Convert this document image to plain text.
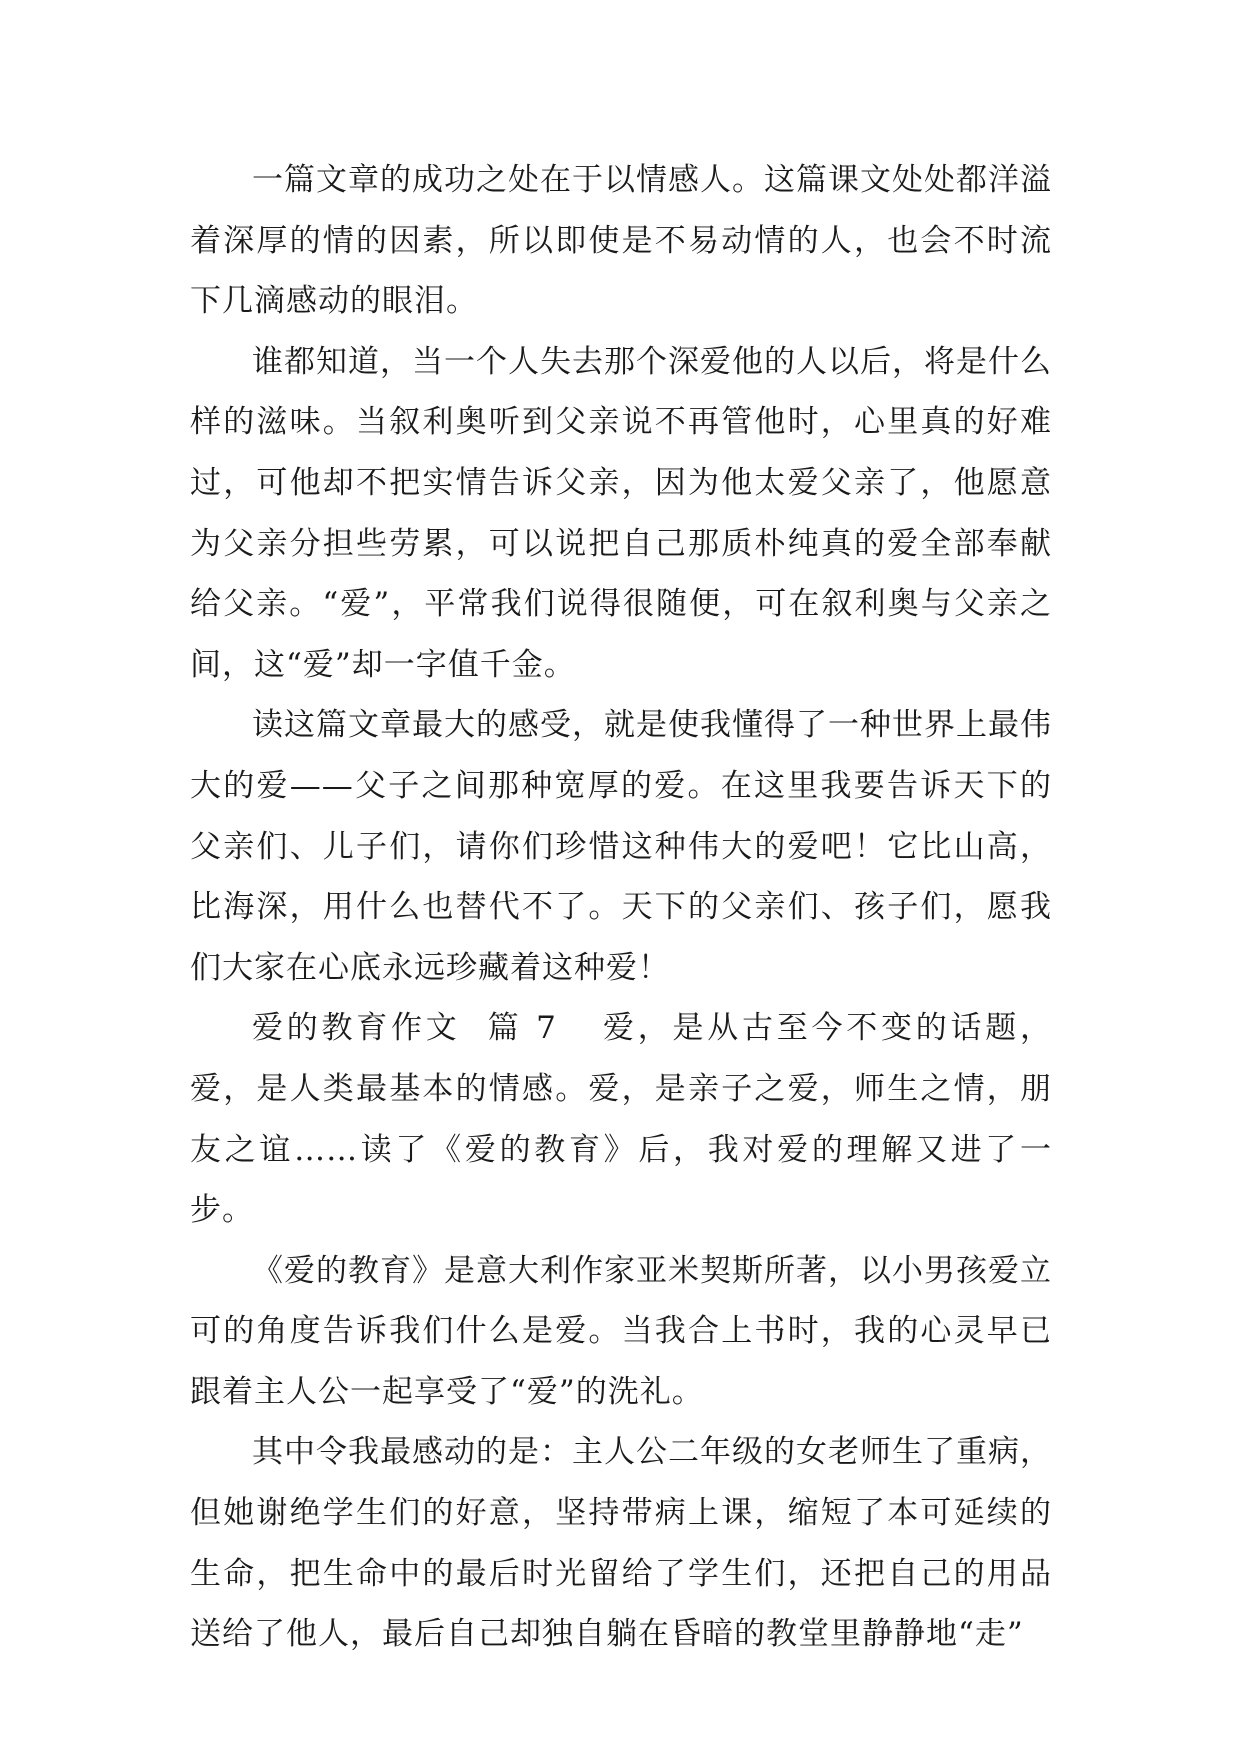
一篇文章的成功之处在于以情感人。这篇课文处处都洋溢着深厚的情的因素，所以即使是不易动情的人，也会不时流下几滴感动的眼泪。

谁都知道，当一个人失去那个深爱他的人以后，将是什么样的滋味。当叙利奥听到父亲说不再管他时，心里真的好难过，可他却不把实情告诉父亲，因为他太爱父亲了，他愿意为父亲分担些劳累，可以说把自己那质朴纯真的爱全部奉献给父亲。“爱”，平常我们说得很随便，可在叙利奥与父亲之间，这“爱”却一字值千金。

读这篇文章最大的感受，就是使我懂得了一种世界上最伟大的爱——父子之间那种宽厚的爱。在这里我要告诉天下的父亲们、儿子们，请你们珍惜这种伟大的爱吧！它比山高，比海深，用什么也替代不了。天下的父亲们、孩子们，愿我们大家在心底永远珍藏着这种爱！

爱的教育作文  篇 7 爱，是从古至今不变的话题，爱，是人类最基本的情感。爱，是亲子之爱，师生之情，朋友之谊……读了《爱的教育》后，我对爱的理解又进了一步。

《爱的教育》是意大利作家亚米契斯所著，以小男孩爱立可的角度告诉我们什么是爱。当我合上书时，我的心灵早已跟着主人公一起享受了“爱”的洗礼。

其中令我最感动的是：主人公二年级的女老师生了重病，但她谢绝学生们的好意，坚持带病上课，缩短了本可延续的生命，把生命中的最后时光留给了学生们，还把自己的用品送给了他人，最后自己却独自躺在昏暗的教堂里静静地“走”
